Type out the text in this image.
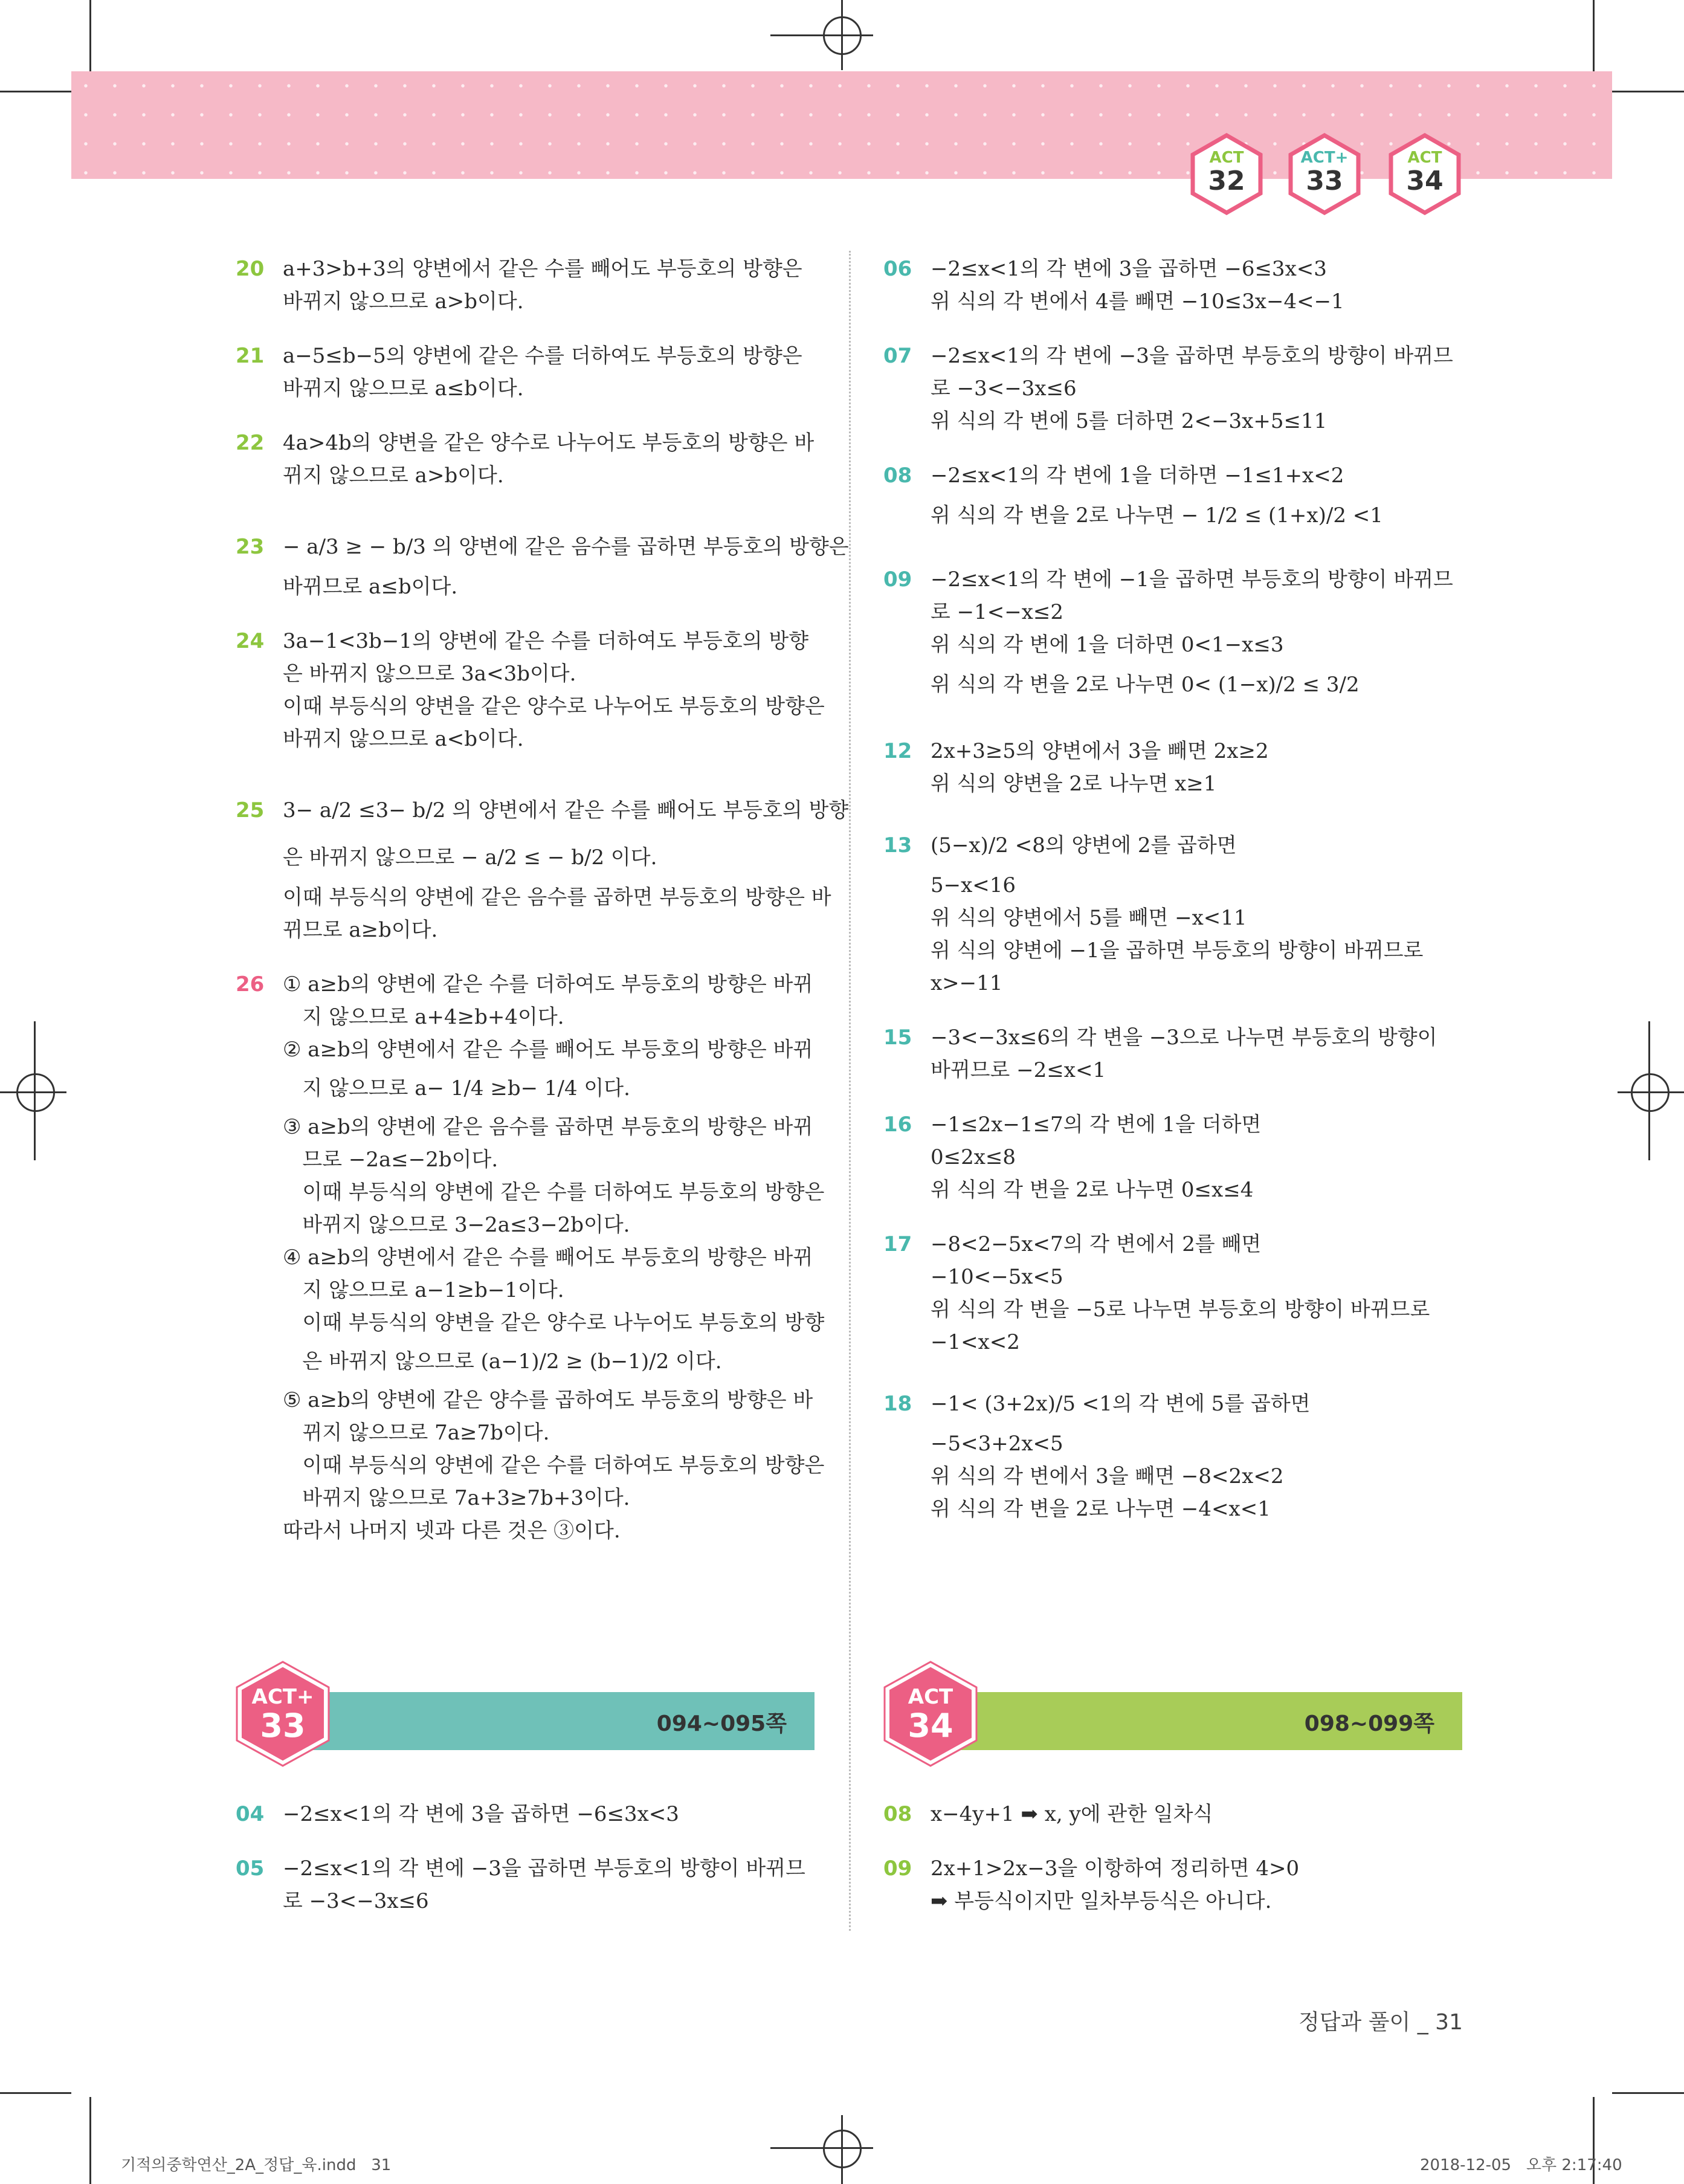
ACT
32
ACT+
33
ACT
34
20 a+3>b+3의 양변에서 같은 수를 빼어도 부등호의 방향은
바뀌지 않으므로 a>b이다.
21 a−5≤b−5의 양변에 같은 수를 더하여도 부등호의 방향은
바뀌지 않으므로 a≤b이다.
22 4a>4b의 양변을 같은 양수로 나누어도 부등호의 방향은 바
뀌지 않으므로 a>b이다.
23 − a/3 ≥ − b/3 의 양변에 같은 음수를 곱하면 부등호의 방향은
바뀌므로 a≤b이다.
24 3a−1<3b−1의 양변에 같은 수를 더하여도 부등호의 방향
은 바뀌지 않으므로 3a<3b이다.
이때 부등식의 양변을 같은 양수로 나누어도 부등호의 방향은
바뀌지 않으므로 a<b이다.
25 3− a/2 ≤3− b/2 의 양변에서 같은 수를 빼어도 부등호의 방향
은 바뀌지 않으므로 − a/2 ≤ − b/2 이다.
이때 부등식의 양변에 같은 음수를 곱하면 부등호의 방향은 바
뀌므로 a≥b이다.
26 ① a≥b의 양변에 같은 수를 더하여도 부등호의 방향은 바뀌
지 않으므로 a+4≥b+4이다.
② a≥b의 양변에서 같은 수를 빼어도 부등호의 방향은 바뀌
지 않으므로 a− 1/4 ≥b− 1/4 이다.
③ a≥b의 양변에 같은 음수를 곱하면 부등호의 방향은 바뀌
므로 −2a≤−2b이다.
이때 부등식의 양변에 같은 수를 더하여도 부등호의 방향은
바뀌지 않으므로 3−2a≤3−2b이다.
④ a≥b의 양변에서 같은 수를 빼어도 부등호의 방향은 바뀌
지 않으므로 a−1≥b−1이다.
이때 부등식의 양변을 같은 양수로 나누어도 부등호의 방향
은 바뀌지 않으므로 (a−1)/2 ≥ (b−1)/2 이다.
⑤ a≥b의 양변에 같은 양수를 곱하여도 부등호의 방향은 바
뀌지 않으므로 7a≥7b이다.
이때 부등식의 양변에 같은 수를 더하여도 부등호의 방향은
바뀌지 않으므로 7a+3≥7b+3이다.
따라서 나머지 넷과 다른 것은 ③이다.
06 −2≤x<1의 각 변에 3을 곱하면 −6≤3x<3
위 식의 각 변에서 4를 빼면 −10≤3x−4<−1
07 −2≤x<1의 각 변에 −3을 곱하면 부등호의 방향이 바뀌므
로 −3<−3x≤6
위 식의 각 변에 5를 더하면 2<−3x+5≤11
08 −2≤x<1의 각 변에 1을 더하면 −1≤1+x<2
위 식의 각 변을 2로 나누면 − 1/2 ≤ (1+x)/2 <1
09 −2≤x<1의 각 변에 −1을 곱하면 부등호의 방향이 바뀌므
로 −1<−x≤2
위 식의 각 변에 1을 더하면 0<1−x≤3
위 식의 각 변을 2로 나누면 0< (1−x)/2 ≤ 3/2
12 2x+3≥5의 양변에서 3을 빼면 2x≥2
위 식의 양변을 2로 나누면 x≥1
13 (5−x)/2 <8의 양변에 2를 곱하면
5−x<16
위 식의 양변에서 5를 빼면 −x<11
위 식의 양변에 −1을 곱하면 부등호의 방향이 바뀌므로
x>−11
15 −3<−3x≤6의 각 변을 −3으로 나누면 부등호의 방향이
바뀌므로 −2≤x<1
16 −1≤2x−1≤7의 각 변에 1을 더하면
0≤2x≤8
위 식의 각 변을 2로 나누면 0≤x≤4
17 −8<2−5x<7의 각 변에서 2를 빼면
−10<−5x<5
위 식의 각 변을 −5로 나누면 부등호의 방향이 바뀌므로
−1<x<2
18 −1< (3+2x)/5 <1의 각 변에 5를 곱하면
−5<3+2x<5
위 식의 각 변에서 3을 빼면 −8<2x<2
위 식의 각 변을 2로 나누면 −4<x<1
094~095쪽
ACT+
33
04 −2≤x<1의 각 변에 3을 곱하면 −6≤3x<3
05 −2≤x<1의 각 변에 −3을 곱하면 부등호의 방향이 바뀌므
로 −3<−3x≤6
098~099쪽
ACT
34
08 x−4y+1 ➡ x, y에 관한 일차식
09 2x+1>2x−3을 이항하여 정리하면 4>0
➡ 부등식이지만 일차부등식은 아니다.
정답과 풀이 _ 31
기적의중학연산_2A_정답_육.indd   31	2018-12-05   오후 2:17:40
